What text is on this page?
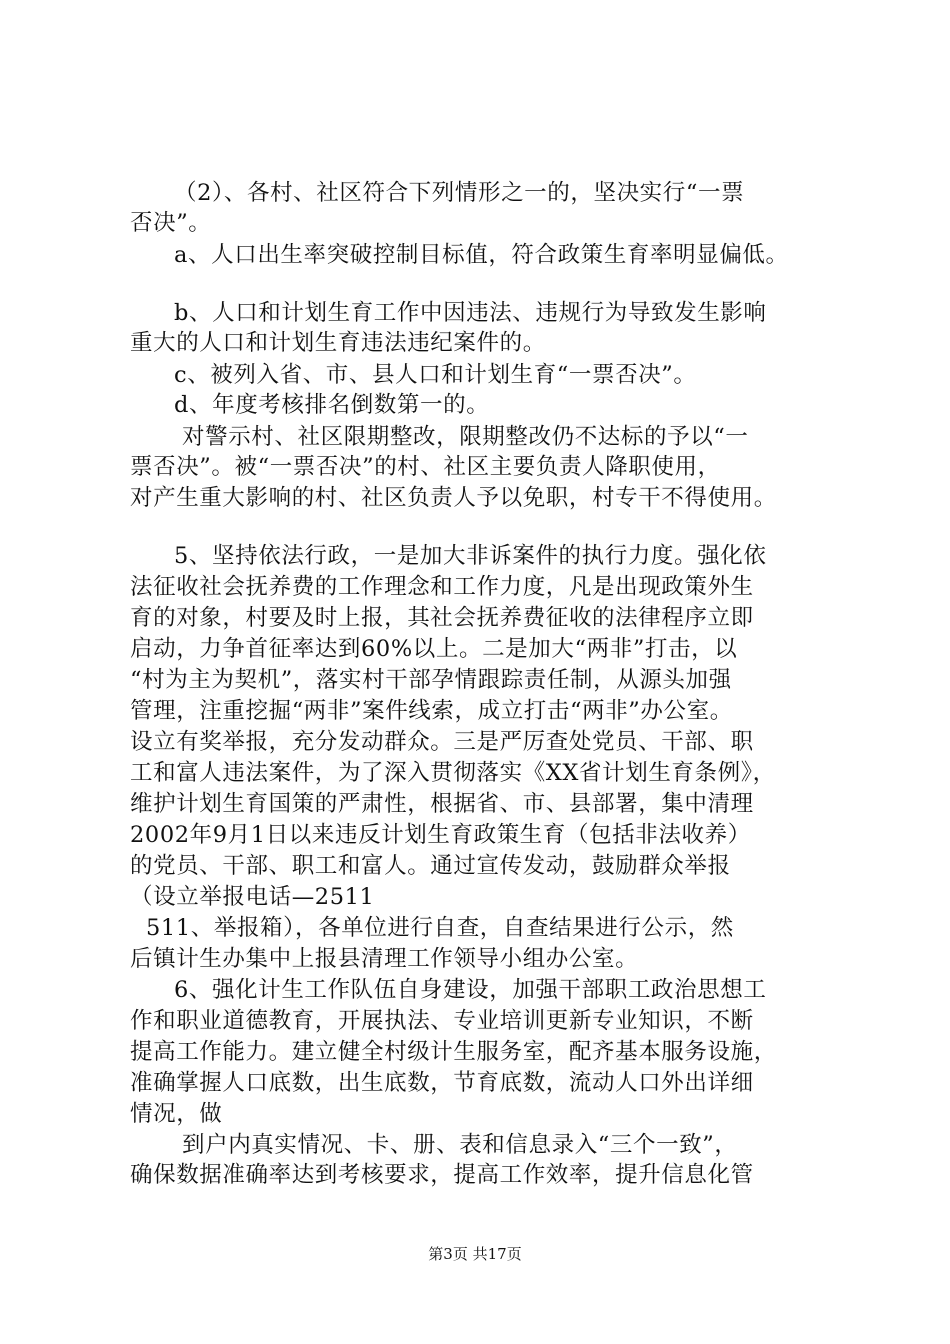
（2）、各村、社区符合下列情形之一的，坚决实行“一票
否决”。
a、人口出生率突破控制目标值，符合政策生育率明显偏低。
b、人口和计划生育工作中因违法、违规行为导致发生影响
重大的人口和计划生育违法违纪案件的。
c、被列入省、市、县人口和计划生育“一票否决”。
d、年度考核排名倒数第一的。
对警示村、社区限期整改，限期整改仍不达标的予以“一
票否决”。被“一票否决”的村、社区主要负责人降职使用，
对产生重大影响的村、社区负责人予以免职，村专干不得使用。
5、坚持依法行政，一是加大非诉案件的执行力度。强化依
法征收社会抚养费的工作理念和工作力度，凡是出现政策外生
育的对象，村要及时上报，其社会抚养费征收的法律程序立即
启动，力争首征率达到60%以上。二是加大“两非”打击，以
“村为主为契机”，落实村干部孕情跟踪责任制，从源头加强
管理，注重挖掘“两非”案件线索，成立打击“两非”办公室。
设立有奖举报，充分发动群众。三是严厉查处党员、干部、职
工和富人违法案件，为了深入贯彻落实《XX省计划生育条例》，
维护计划生育国策的严肃性，根据省、市、县部署，集中清理
2002年9月1日以来违反计划生育政策生育（包括非法收养）
的党员、干部、职工和富人。通过宣传发动，鼓励群众举报
（设立举报电话—2511
511、举报箱），各单位进行自查，自查结果进行公示，然
后镇计生办集中上报县清理工作领导小组办公室。
6、强化计生工作队伍自身建设，加强干部职工政治思想工
作和职业道德教育，开展执法、专业培训更新专业知识，不断
提高工作能力。建立健全村级计生服务室，配齐基本服务设施，
准确掌握人口底数，出生底数，节育底数，流动人口外出详细
情况，做
到户内真实情况、卡、册、表和信息录入“三个一致”，
确保数据准确率达到考核要求，提高工作效率，提升信息化管
第3页 共17页
